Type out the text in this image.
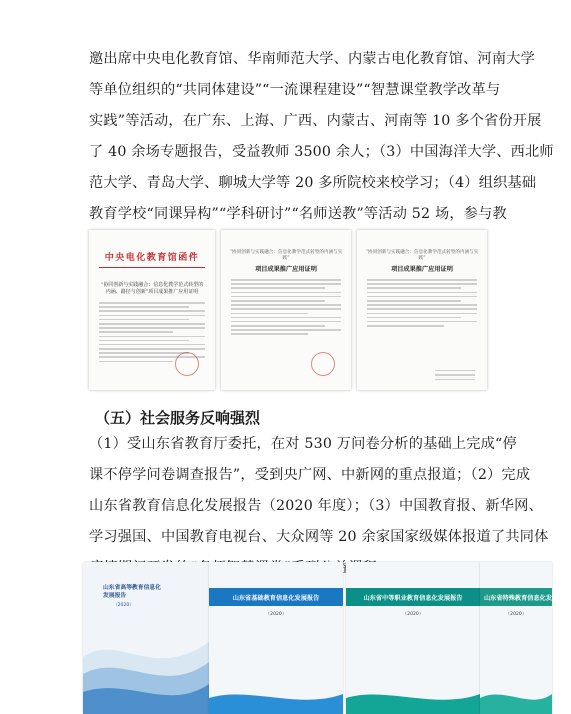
邀出席中央电化教育馆、华南师范大学、内蒙古电化教育馆、河南大学
等单位组织的“共同体建设”“一流课程建设”“智慧课堂教学改革与
实践”等活动，在广东、上海、广西、内蒙古、河南等 10 多个省份开展
了 40 余场专题报告，受益教师 3500 余人；（3）中国海洋大学、西北师
范大学、青岛大学、聊城大学等 20 多所院校来校学习；（4）组织基础
教育学校“同课异构”“学科研讨”“名师送教”等活动 52 场，参与教
中央电化教育馆函件
“协同创新与实践融合：信息化教学范式转型的内涵、路径与创新”项目成果推广应用证明
“协同创新与实践融合：信息化教学范式转型的内涵与实践”
项目成果推广应用证明
“协同创新与实践融合：信息化教学范式转型的内涵与实践”
项目成果推广应用证明
（五）社会服务反响强烈
（1）受山东省教育厅委托，在对 530 万问卷分析的基础上完成“停
课不停学问卷调查报告”，受到央广网、中新网的重点报道；（2）完成
山东省教育信息化发展报告（2020 年度）；（3）中国教育报、新华网、
学习强国、中国教育电视台、大众网等 20 余家国家级媒体报道了共同体
山东省高等教育信息化
发展报告
（2020）
山东省基础教育信息化发展报告
（2020）
山东省中等职业教育信息化发展报告
（2020）
山东省特殊教育信息化发展报告
（2020）
